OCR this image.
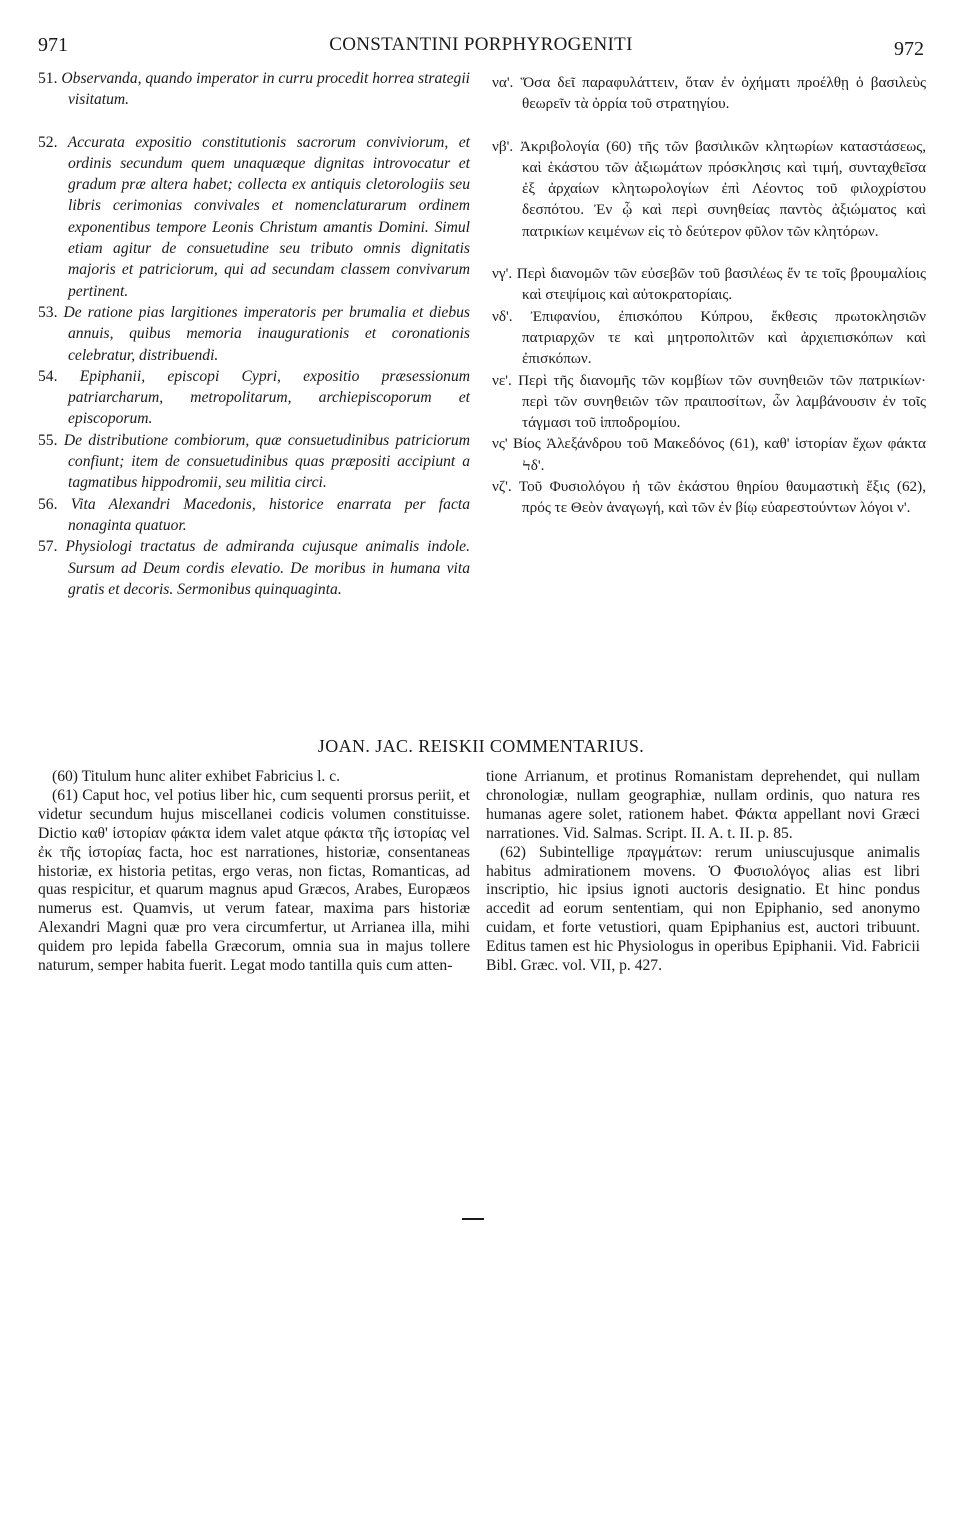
971	CONSTANTINI PORPHYROGENITI	972

51. Observanda, quando imperator in curru procedit horrea strategii visitatum.

52. Accurata expositio constitutionis sacrorum conviviorum, et ordinis secundum quem unaquæque dignitas introvocatur et gradum præ altera habet; collecta ex antiquis cletorologiis seu libris cerimonias convivales et nomenclaturarum ordinem exponentibus tempore Leonis Christum amantis Domini. Simul etiam agitur de consuetudine seu tributo omnis dignitatis majoris et patriciorum, qui ad secundam classem convivarum pertinent.

53. De ratione pias largitiones imperatoris per brumalia et diebus annuis, quibus memoria inaugurationis et coronationis celebratur, distribuendi.

54. Epiphanii, episcopi Cypri, expositio præsessionum patriarcharum, metropolitarum, archiepiscoporum et episcoporum.

55. De distributione combiorum, quæ consuetudinibus patriciorum confiunt; item de consuetudinibus quas præpositi accipiunt a tagmatibus hippodromii, seu militia circi.

56. Vita Alexandri Macedonis, historice enarrata per facta nonaginta quatuor.

57. Physiologi tractatus de admiranda cujusque animalis indole. Sursum ad Deum cordis elevatio. De moribus in humana vita gratis et decoris. Sermonibus quinquaginta.

να'. Ὅσα δεῖ παραφυλάττειν, ὅταν ἐν ὀχήματι προέλθῃ ὁ βασιλεὺς θεωρεῖν τὰ ὀρρία τοῦ στρατηγίου.

νβ'. Ἀκριβολογία (60) τῆς τῶν βασιλικῶν κλητωρίων καταστάσεως, καὶ ἑκάστου τῶν ἀξιωμάτων πρόσκλησις καὶ τιμή, συνταχθεῖσα ἐξ ἀρχαίων κλητωρολογίων ἐπὶ Λέοντος τοῦ φιλοχρίστου δεσπότου. Ἐν ᾧ καὶ περὶ συνηθείας παντὸς ἀξιώματος καὶ πατρικίων κειμένων εἰς τὸ δεύτερον φῦλον τῶν κλητόρων.

νγ'. Περὶ διανομῶν τῶν εὐσεβῶν τοῦ βασιλέως ἔν τε τοῖς βρουμαλίοις καὶ στεψίμοις καὶ αὐτοκρατορίαις.

νδ'. Ἐπιφανίου, ἐπισκόπου Κύπρου, ἔκθεσις πρωτοκλησιῶν πατριαρχῶν τε καὶ μητροπολιτῶν καὶ ἀρχιεπισκόπων καὶ ἐπισκόπων.

νε'. Περὶ τῆς διανομῆς τῶν κομβίων τῶν συνηθειῶν τῶν πατρικίων· περὶ τῶν συνηθειῶν τῶν πραιποσίτων, ὧν λαμβάνουσιν ἐν τοῖς τάγμασι τοῦ ἱπποδρομίου.

νς' Βίος Ἀλεξάνδρου τοῦ Μακεδόνος (61), καθ' ἱστορίαν ἔχων φάκτα Ϟδ'.

νζ'. Τοῦ Φυσιολόγου ἡ τῶν ἑκάστου θηρίου θαυμαστικὴ ἕξις (62), πρός τε Θεὸν ἀναγωγή, καὶ τῶν ἐν βίῳ εὐαρεστούντων λόγοι ν'.

JOAN. JAC. REISKII COMMENTARIUS.

(60) Titulum hunc aliter exhibet Fabricius l. c.

(61) Caput hoc, vel potius liber hic, cum sequenti prorsus periit, et videtur secundum hujus miscellanei codicis volumen constituisse. Dictio καθ' ἱστορίαν φάκτα idem valet atque φάκτα τῆς ἱστορίας vel ἐκ τῆς ἱστορίας facta, hoc est narrationes, historiæ, consentaneas historiæ, ex historia petitas, ergo veras, non fictas, Romanticas, ad quas respicitur, et quarum magnus apud Græcos, Arabes, Europæos numerus est. Quamvis, ut verum fatear, maxima pars historiæ Alexandri Magni quæ pro vera circumfertur, ut Arrianea illa, mihi quidem pro lepida fabella Græcorum, omnia sua in majus tollere naturum, semper habita fuerit. Legat modo tantilla quis cum atten-

tione Arrianum, et protinus Romanistam deprehendet, qui nullam chronologiæ, nullam geographiæ, nullam ordinis, quo natura res humanas agere solet, rationem habet. Φάκτα appellant novi Græci narrationes. Vid. Salmas. Script. II. A. t. II. p. 85.

(62) Subintellige πραγμάτων: rerum uniuscujusque animalis habitus admirationem movens. Ὁ Φυσιολόγος alias est libri inscriptio, hic ipsius ignoti auctoris designatio. Et hinc pondus accedit ad eorum sententiam, qui non Epiphanio, sed anonymo cuidam, et forte vetustiori, quam Epiphanius est, auctori tribuunt. Editus tamen est hic Physiologus in operibus Epiphanii. Vid. Fabricii Bibl. Græc. vol. VII, p. 427.
